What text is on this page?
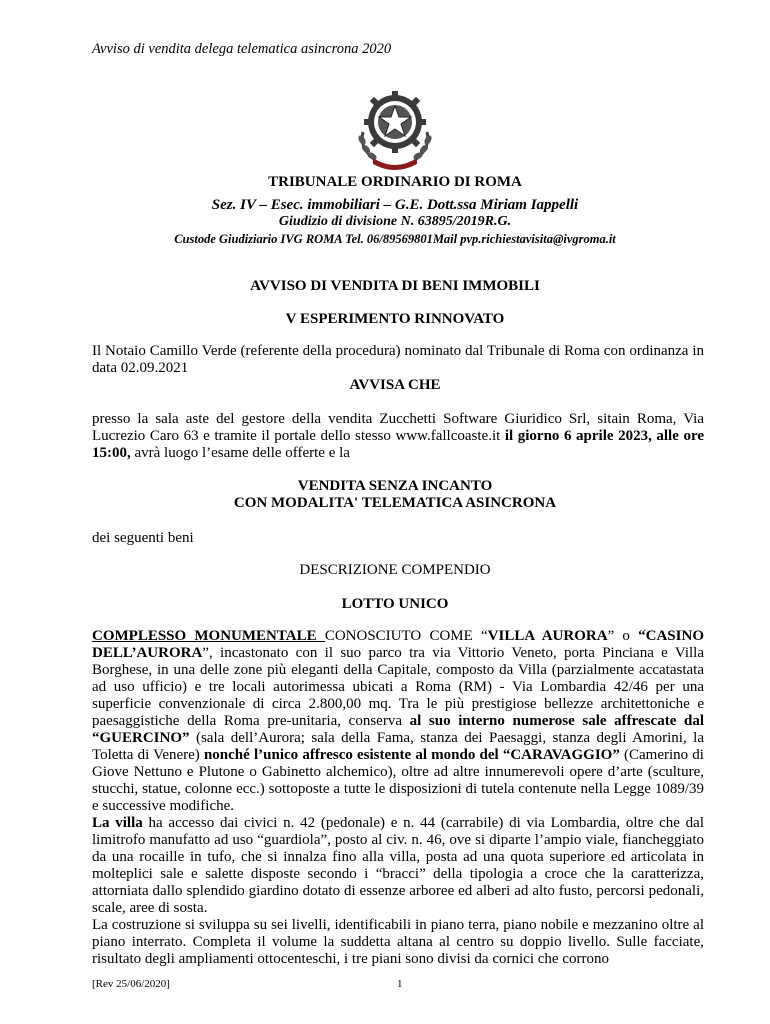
Avviso di vendita delega telematica asincrona 2020
TRIBUNALE ORDINARIO DI ROMA
Sez. IV – Esec. immobiliari – G.E. Dott.ssa Miriam Iappelli
Giudizio di divisione N. 63895/2019R.G.
Custode Giudiziario IVG ROMA Tel. 06/89569801Mail pvp.richiestavisita@ivgroma.it
AVVISO DI VENDITA DI BENI IMMOBILI
V ESPERIMENTO RINNOVATO
Il Notaio Camillo Verde (referente della procedura) nominato dal Tribunale di Roma con ordinanza in data 02.09.2021
AVVISA CHE
presso la sala aste del gestore della vendita Zucchetti Software Giuridico Srl, sitain Roma, Via Lucrezio Caro 63 e tramite il portale dello stesso www.fallcoaste.it il giorno 6 aprile 2023, alle ore 15:00, avrà luogo l’esame delle offerte e la
VENDITA SENZA INCANTO
CON MODALITA' TELEMATICA ASINCRONA
dei seguenti beni
DESCRIZIONE COMPENDIO
LOTTO UNICO
COMPLESSO MONUMENTALE CONOSCIUTO COME “VILLA AURORA” o “CASINO DELL’AURORA”, incastonato con il suo parco tra via Vittorio Veneto, porta Pinciana e Villa Borghese, in una delle zone più eleganti della Capitale, composto da Villa (parzialmente accatastata ad uso ufficio) e tre locali autorimessa ubicati a Roma (RM) - Via Lombardia 42/46 per una superficie convenzionale di circa 2.800,00 mq. Tra le più prestigiose bellezze architettoniche e paesaggistiche della Roma pre-unitaria, conserva al suo interno numerose sale affrescate dal “GUERCINO” (sala dell’Aurora; sala della Fama, stanza dei Paesaggi, stanza degli Amorini, la Toletta di Venere) nonché l’unico affresco esistente al mondo del “CARAVAGGIO” (Camerino di Giove Nettuno e Plutone o Gabinetto alchemico), oltre ad altre innumerevoli opere d’arte (sculture, stucchi, statue, colonne ecc.) sottoposte a tutte le disposizioni di tutela contenute nella Legge 1089/39 e successive modifiche.
La villa ha accesso dai civici n. 42 (pedonale) e n. 44 (carrabile) di via Lombardia, oltre che dal limitrofo manufatto ad uso “guardiola”, posto al civ. n. 46, ove si diparte l’ampio viale, fiancheggiato da una rocaille in tufo, che si innalza fino alla villa, posta ad una quota superiore ed articolata in molteplici sale e salette disposte secondo i “bracci” della tipologia a croce che la caratterizza, attorniata dallo splendido giardino dotato di essenze arboree ed alberi ad alto fusto, percorsi pedonali, scale, aree di sosta.
La costruzione si sviluppa su sei livelli, identificabili in piano terra, piano nobile e mezzanino oltre al piano interrato. Completa il volume la suddetta altana al centro su doppio livello. Sulle facciate, risultato degli ampliamenti ottocenteschi, i tre piani sono divisi da cornici che corrono
[Rev 25/06/2020]	1
